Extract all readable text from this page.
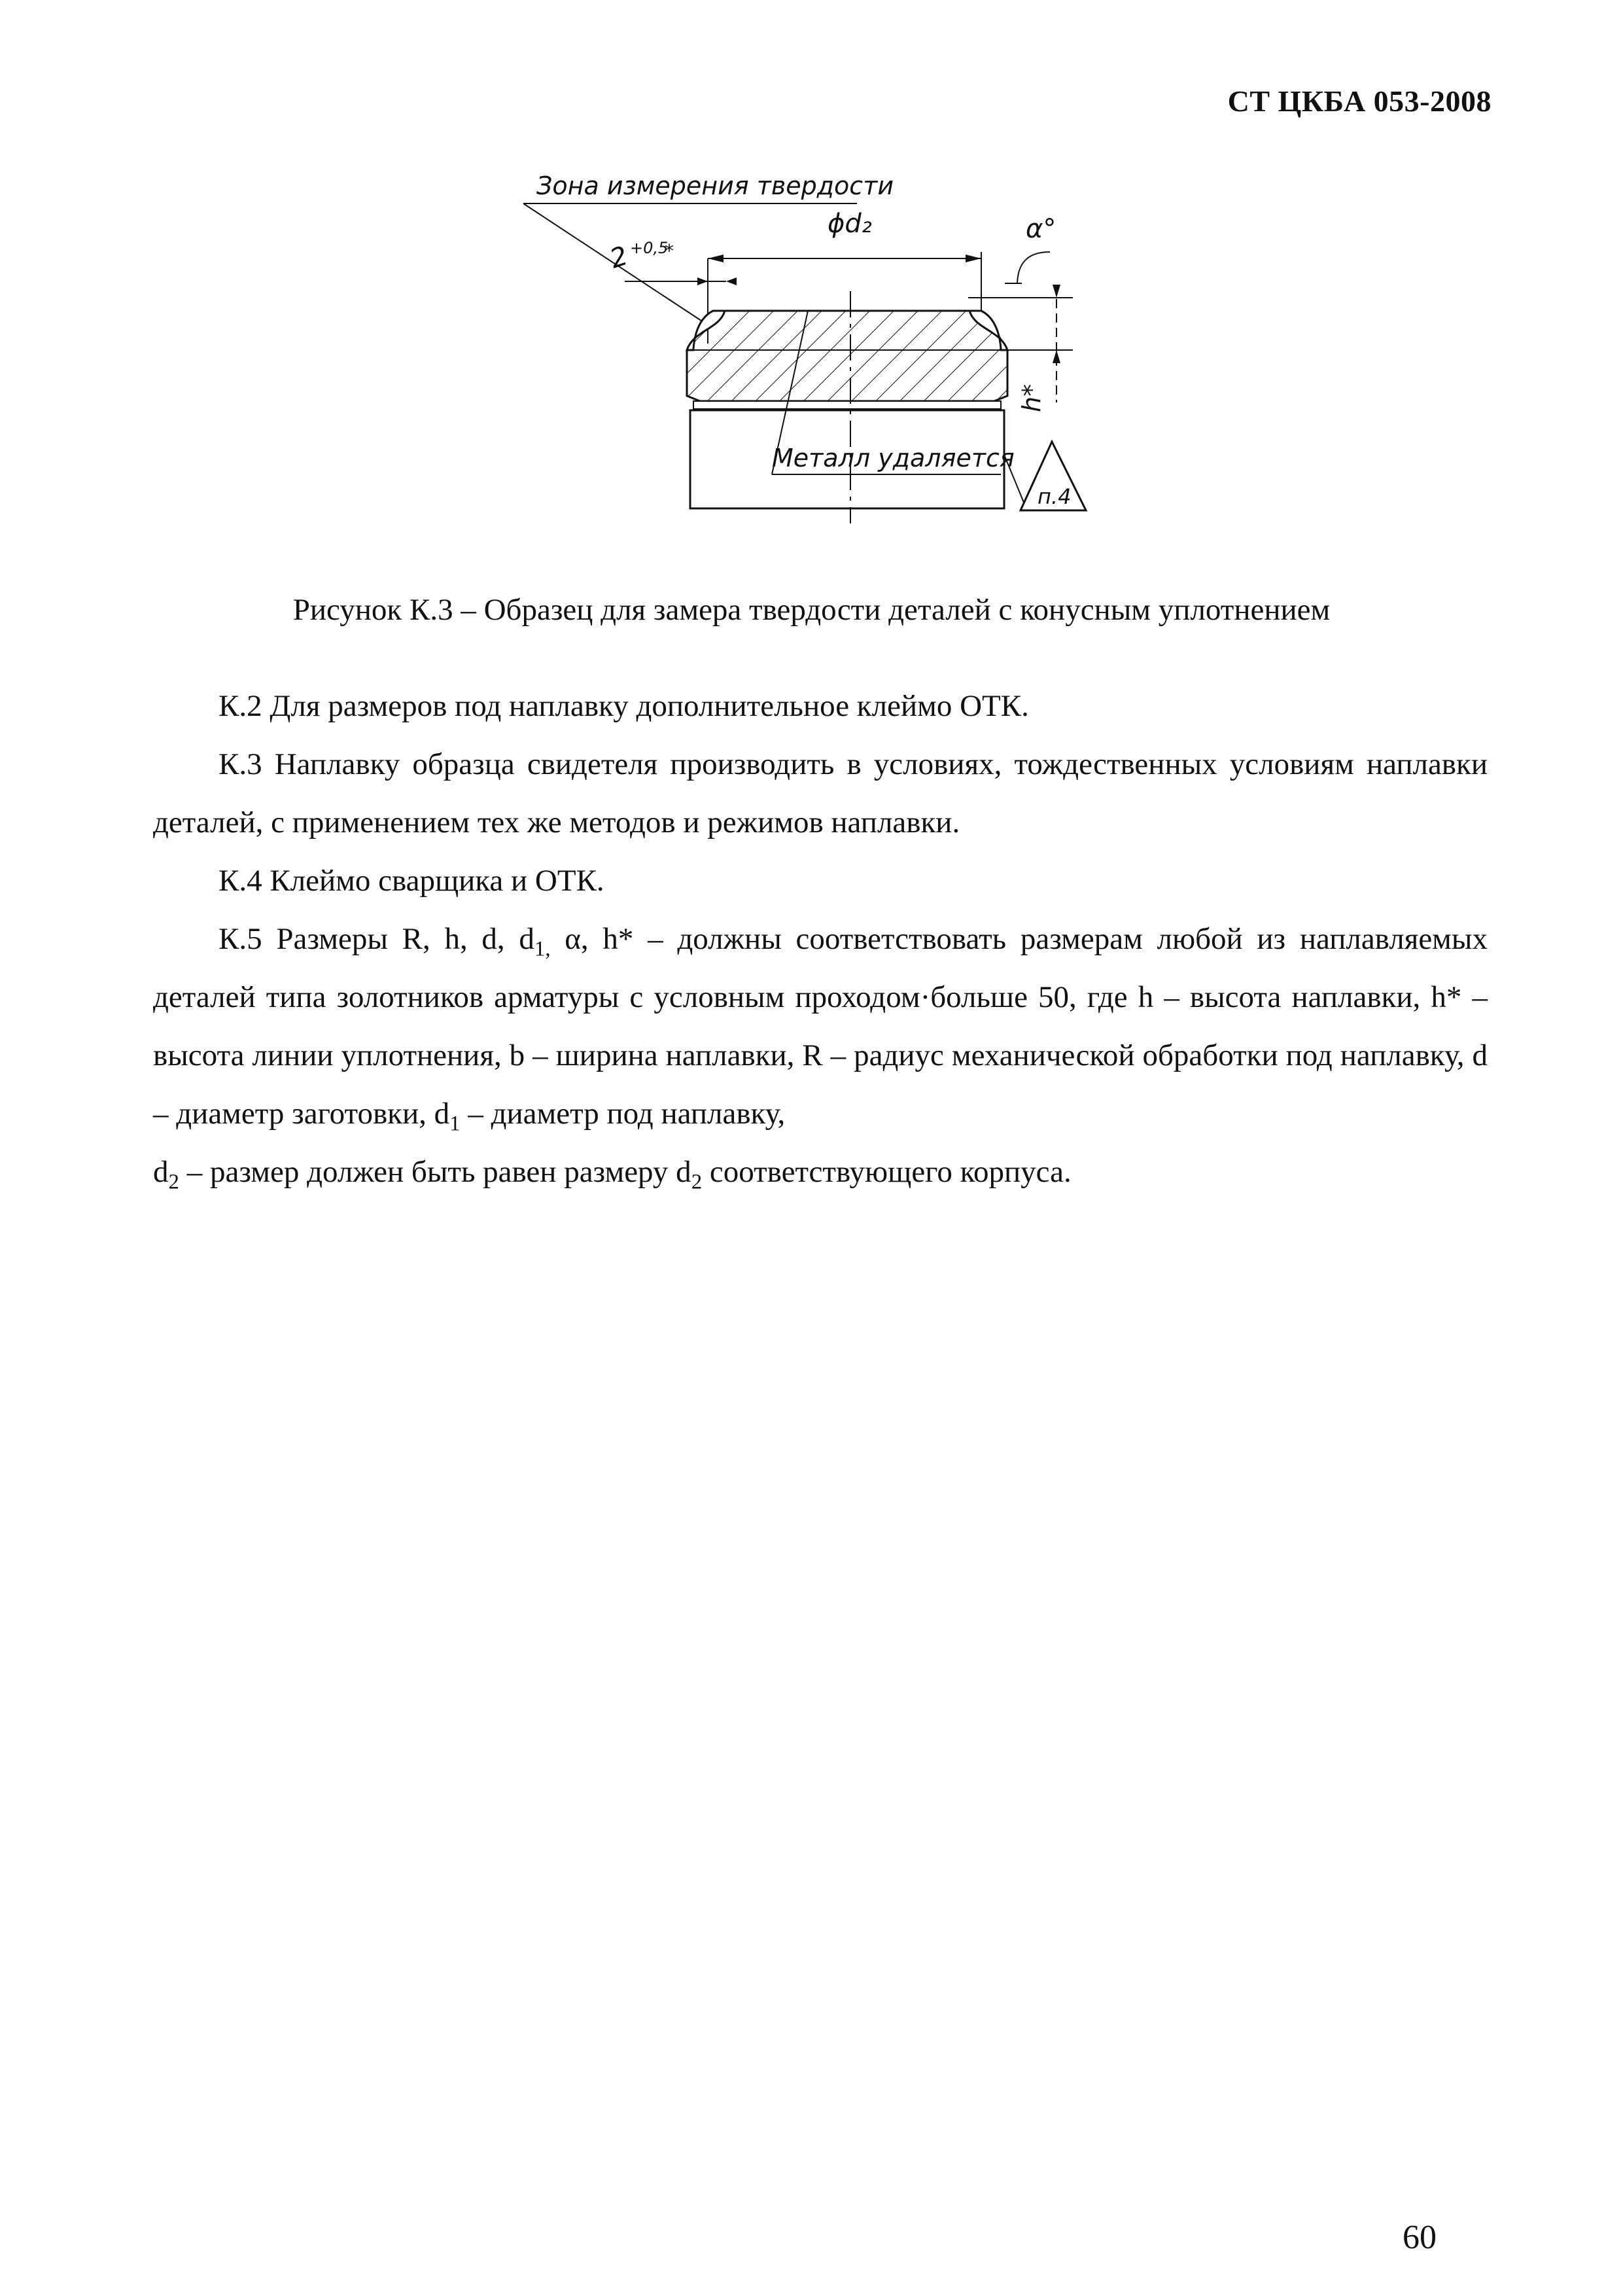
СТ ЦКБА 053-2008
Зона измерения твердости
2
+0,5
*
ϕd₂	α°
Металл удаляется
h*
п.4
Рисунок К.3 – Образец для замера твердости деталей с конусным уплотнением

К.2 Для размеров под наплавку дополнительное клеймо ОТК.

К.3 Наплавку образца свидетеля производить в условиях, тождественных условиям наплавки деталей, с применением тех же методов и режимов наплавки.

К.4 Клеймо сварщика и ОТК.

К.5 Размеры R, h, d, $d_{1,}$ α, h* – должны соответствовать размерам любой из наплавляемых деталей типа золотников арматуры с условным проходом·больше 50, где h – высота наплавки, h* – высота линии уплотнения, b – ширина наплавки, R – радиус механической обработки под наплавку, d – диаметр заготовки, $d_1$ – диаметр под наплавку,

$d_2$ – размер должен быть равен размеру $d_2$ соответствующего корпуса.

60
